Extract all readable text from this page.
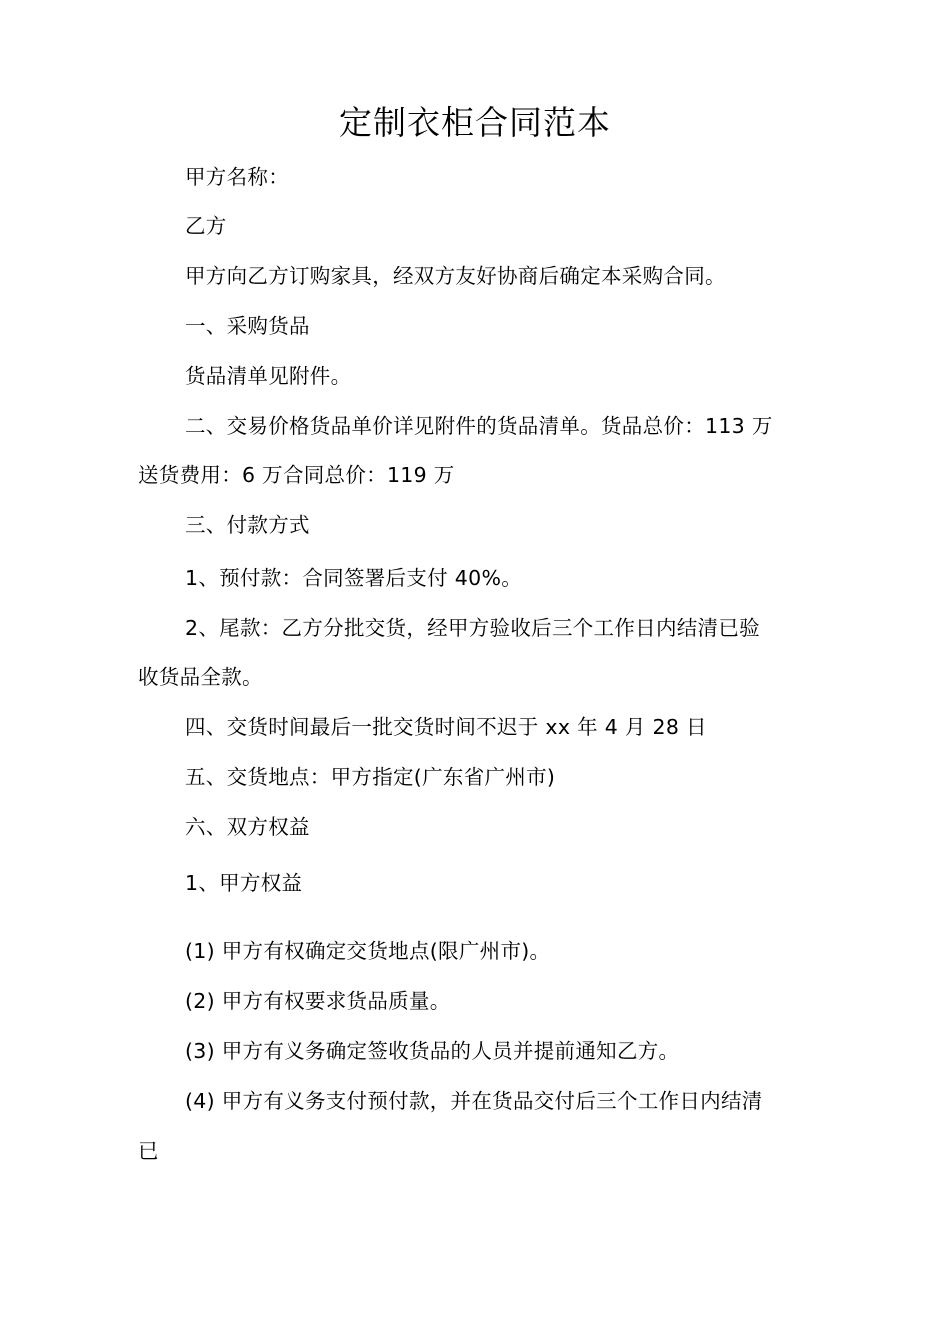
定制衣柜合同范本
甲方名称：
乙方
甲方向乙方订购家具，经双方友好协商后确定本采购合同。
一、采购货品
货品清单见附件。
二、交易价格货品单价详见附件的货品清单。货品总价：113 万
送货费用：6 万合同总价：119 万
三、付款方式
1、预付款：合同签署后支付 40%。
2、尾款：乙方分批交货，经甲方验收后三个工作日内结清已验
收货品全款。
四、交货时间最后一批交货时间不迟于 xx 年 4 月 28 日
五、交货地点：甲方指定(广东省广州市)
六、双方权益
1、甲方权益
(1) 甲方有权确定交货地点(限广州市)。
(2) 甲方有权要求货品质量。
(3) 甲方有义务确定签收货品的人员并提前通知乙方。
(4) 甲方有义务支付预付款，并在货品交付后三个工作日内结清
已
